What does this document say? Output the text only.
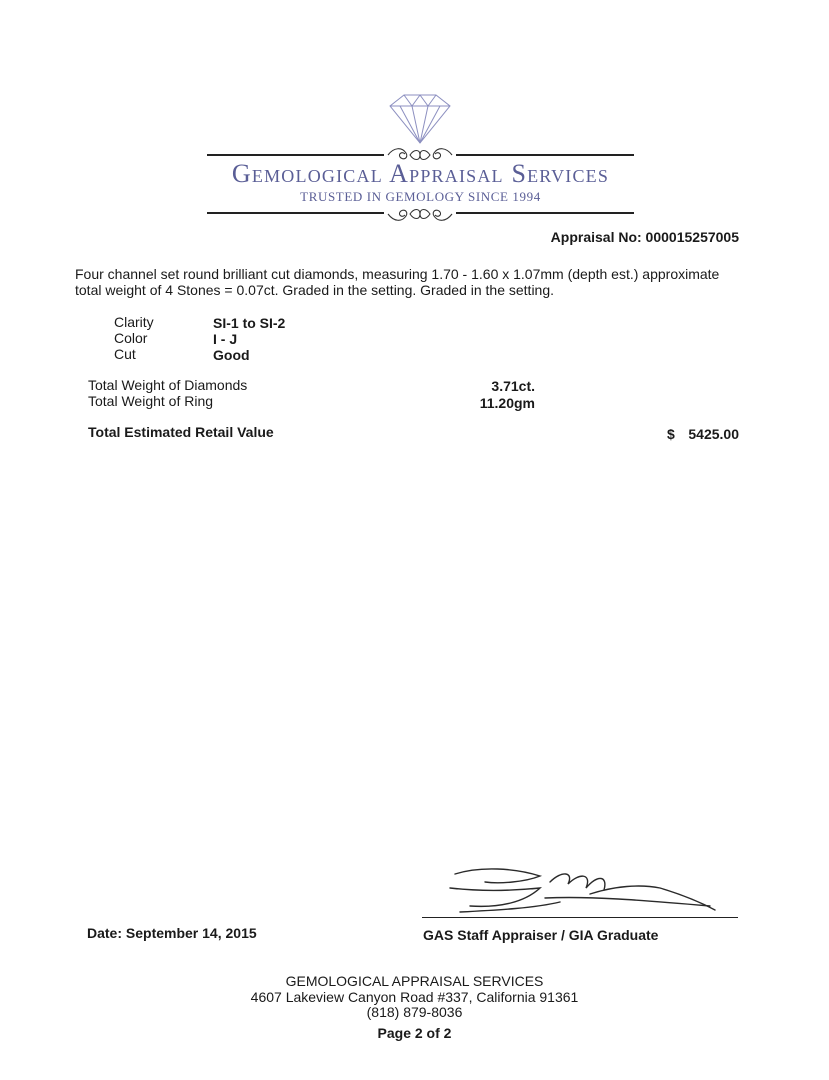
Gemological Appraisal Services
TRUSTED IN GEMOLOGY SINCE 1994
Appraisal No: 000015257005
Four channel set round brilliant cut diamonds, measuring 1.70 - 1.60 x 1.07mm (depth est.) approximate total weight of 4 Stones = 0.07ct. Graded in the setting. Graded in the setting.
Clarity	SI-1 to SI-2
Color	I - J
Cut	Good
Total Weight of Diamonds	3.71ct.
Total Weight of Ring	11.20gm
Total Estimated Retail Value	$ 5425.00
Date: September 14, 2015	GAS Staff Appraiser / GIA Graduate
GEMOLOGICAL APPRAISAL SERVICES
4607 Lakeview Canyon Road #337, California 91361
(818) 879-8036
Page 2 of 2
